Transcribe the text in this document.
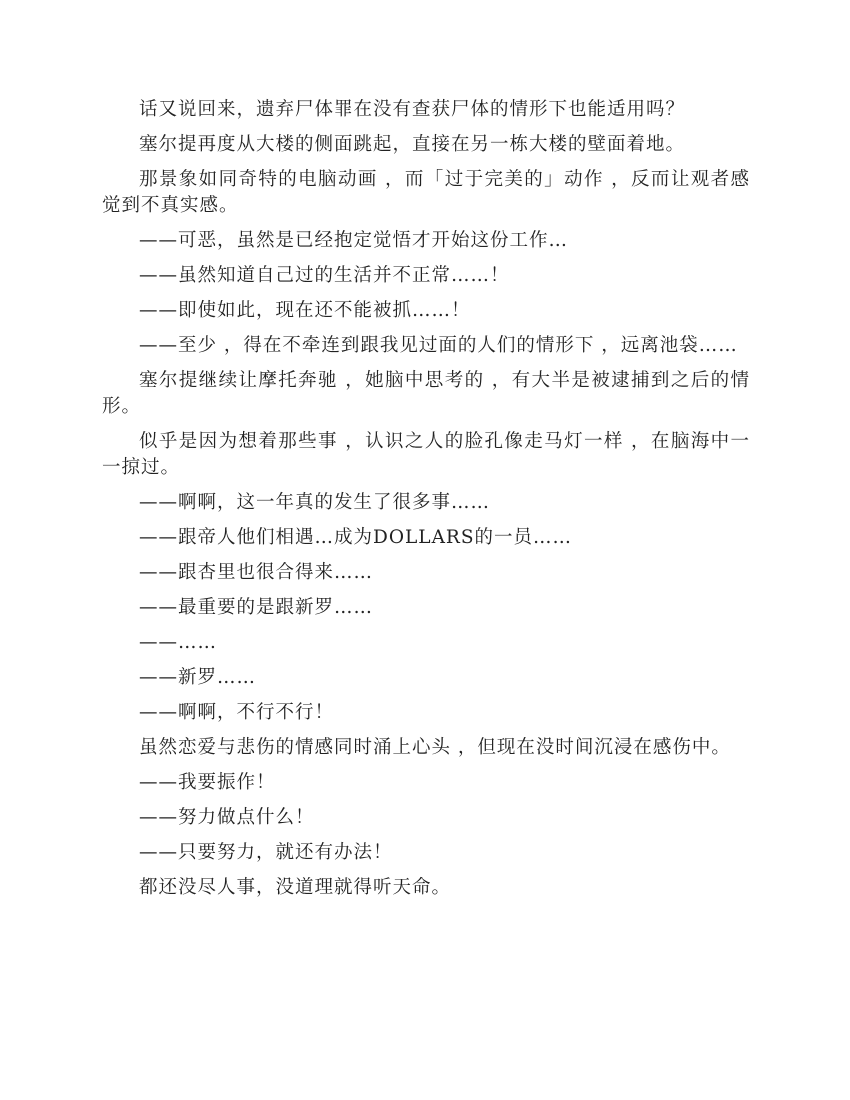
话又说回来，遗弃尸体罪在没有查获尸体的情形下也能适用吗？

塞尔提再度从大楼的侧面跳起，直接在另一栋大楼的壁面着地。

那景象如同奇特的电脑动画 ，而「过于完美的」动作 ，反而让观者感觉到不真实感。

——可恶，虽然是已经抱定觉悟才开始这份工作…

——虽然知道自己过的生活并不正常……！

——即使如此，现在还不能被抓……！

——至少 ，得在不牵连到跟我见过面的人们的情形下 ，远离池袋……

塞尔提继续让摩托奔驰 ，她脑中思考的 ，有大半是被逮捕到之后的情形。

似乎是因为想着那些事 ，认识之人的脸孔像走马灯一样 ，在脑海中一一掠过。

——啊啊，这一年真的发生了很多事……

——跟帝人他们相遇…成为DOLLARS的一员……

——跟杏里也很合得来……

——最重要的是跟新罗……

——……

——新罗……

——啊啊，不行不行！

虽然恋爱与悲伤的情感同时涌上心头 ，但现在没时间沉浸在感伤中。

——我要振作！

——努力做点什么！

——只要努力，就还有办法！

都还没尽人事，没道理就得听天命。
